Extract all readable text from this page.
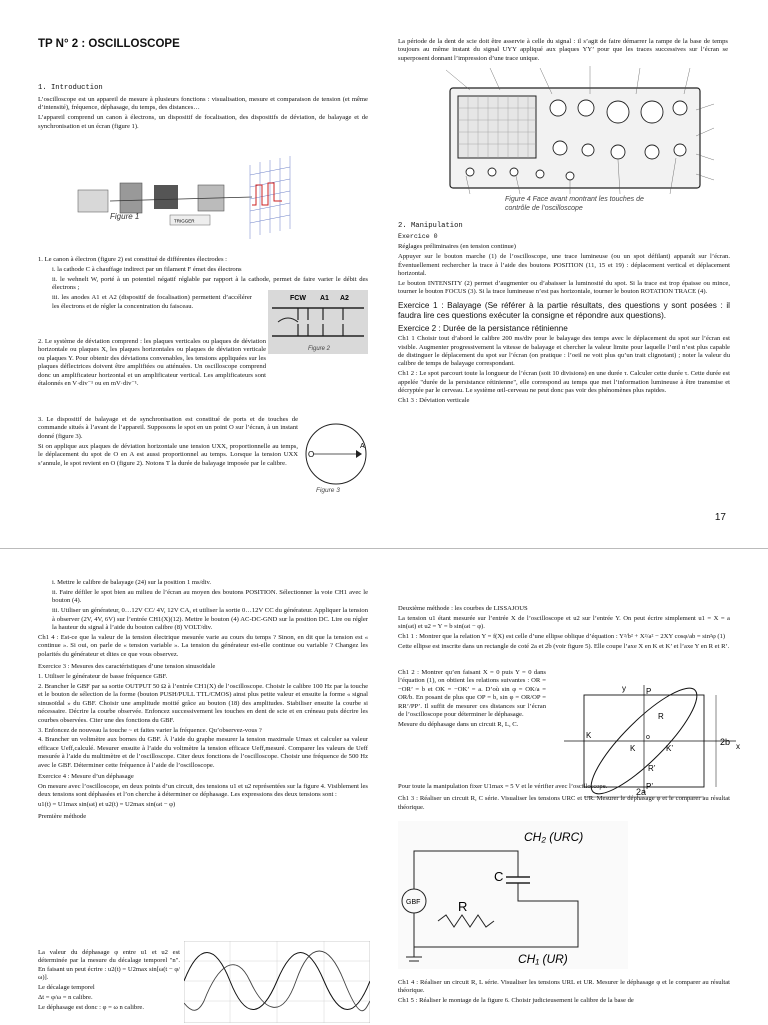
TP N° 2 : OSCILLOSCOPE

1. Introduction

L’oscilloscope est un appareil de mesure à plusieurs fonctions : visualisation, mesure et comparaison de tension (et même d’intensité), fréquence, déphasage, du temps, des distances…

L’appareil comprend un canon à électrons, un dispositif de focalisation, des dispositifs de déviation, de balayage et de synchronisation et un écran (figure 1).

TRIGGER
Figure 1

1. Le canon à électron (figure 2) est constitué de différentes électrodes :

i. la cathode C à chauffage indirect par un filament F émet des électrons

ii. le wehnelt W, porté à un potentiel négatif réglable par rapport à la cathode, permet de faire varier le débit des électrons ;

iii. les anodes A1 et A2 (dispositif de focalisation) permettent d’accélérer les électrons et de régler la concentration du faisceau.

FCW A1 A2
Figure 2

2. Le système de déviation comprend : les plaques verticales ou plaques de déviation horizontale ou plaques X, les plaques horizontales ou plaques de déviation verticale ou plaques Y. Pour obtenir des déviations convenables, les tensions appliquées sur les plaques déflectrices doivent être amplifiées ou atténuées. Un oscilloscope comprend donc un amplificateur horizontal et un amplificateur vertical. Les amplificateurs sont étalonnés en V·div⁻¹ ou en mV·div⁻¹.

3. Le dispositif de balayage et de synchronisation est constitué de ports et de touches de commande situés à l’avant de l’appareil. Supposons le spot en un point O sur l’écran, à un instant donné (figure 3).

Si on applique aux plaques de déviation horizontale une tension UXX, proportionnelle au temps, le déplacement du spot de O en A est aussi proportionnel au temps. Lorsque la tension UXX s’annule, le spot revient en O (figure 2). Notons T la durée de balayage imposée par le calibre.

O
A
Figure 3

La période de la dent de scie doit être asservie à celle du signal : il s’agit de faire démarrer la rampe de la base de temps toujours au même instant du signal UYY appliqué aux plaques YY’ pour que les traces successives sur l’écran se superposent donnant l’impression d’une trace unique.

Figure 4 Face avant montrant les touches de contrôle de l’oscilloscope

2. Manipulation

Exercice 0

Réglages préliminaires (en tension continue)

Appuyer sur le bouton marche (1) de l’oscilloscope, une trace lumineuse (ou un spot défilant) apparaît sur l’écran. Éventuellement rechercher la trace à l’aide des boutons POSITION (11, 15 et 19) : déplacement vertical et déplacement horizontal.

Le bouton INTENSITY (2) permet d’augmenter ou d’abaisser la luminosité du spot. Si la trace est trop épaisse ou mince, tourner le bouton FOCUS (3). Si la trace lumineuse n’est pas horizontale, tourner le bouton ROTATION TRACE (4).

Exercice 1 : Balayage (Se référer à la partie résultats, des questions y sont posées : il faudra lire ces questions exécuter la consigne et répondre aux questions).

Exercice 2 : Durée de la persistance rétinienne

Ch1 1 Choisir tout d’abord le calibre 200 ms/div pour le balayage des temps avec le déplacement du spot sur l’écran est visible. Augmenter progressivement la vitesse de balayage et chercher la valeur limite pour laquelle l’œil n’est plus capable de distinguer le déplacement du spot sur l’écran (on pratique : l’oeil ne voit plus qu’un trait clignotant) ; noter la valeur du calibre de temps de balayage correspondant.

Ch1 2 : Le spot parcourt toute la longueur de l’écran (soit 10 divisions) en une durée τ. Calculer cette durée τ. Cette durée est appelée "durée de la persistance rétinienne", elle correspond au temps que met l’information lumineuse à être transmise et décryptée par le cerveau. Le système œil-cerveau ne peut donc pas voir des phénomènes plus rapides.

Ch1 3 : Déviation verticale

17

i. Mettre le calibre de balayage (24) sur la position 1 ms/div.

ii. Faire défiler le spot bien au milieu de l’écran au moyen des boutons POSITION. Sélectionner la voie CH1 avec le bouton (4).

iii. Utiliser un générateur, 0…12V CC/ 4V, 12V CA, et utiliser la sortie 0…12V CC du générateur. Appliquer la tension à observer (2V, 4V, 6V) sur l’entrée CH1(X)(12). Mettre le bouton (4) AC-DC-GND sur la position DC. Lire ou régler la hauteur du signal à l’aide du bouton calibre (8) VOLT/div.

Ch1 4 : Est-ce que la valeur de la tension électrique mesurée varie au cours du temps ? Sinon, en dit que la tension est « continue ». Si oui, on parle de « tension variable ». La tension du générateur est-elle continue ou variable ? Changez les polarités du générateur et dites ce que vous observez.

Exercice 3 : Mesures des caractéristiques d’une tension sinusoïdale

1. Utiliser le générateur de basse fréquence GBF.

2. Brancher le GBF par sa sortie OUTPUT 50 Ω à l’entrée CH1(X) de l’oscilloscope. Choisir le calibre 100 Hz par la touche et le bouton de sélection de la forme (bouton PUSH/PULL TTL/CMOS) ainsi plus petite valeur et ensuite la forme « signal sinusoïdal » du GBF. Choisir une amplitude moitié grâce au bouton (18) des amplitudes. Stabiliser ensuite la courbe si nécessaire. Décrire la courbe observée. Enfoncez successivement les touches en dent de scie et en créneau puis décrire les courbes observées. Citer une des fonctions du GBF.

3. Enfoncez de nouveau la touche ~ et faites varier la fréquence. Qu’observez-vous ?

4. Brancher un voltmètre aux bornes du GBF. À l’aide du graphe mesurer la tension maximale Umax et calculer sa valeur efficace Ueff,calculé. Mesurer ensuite à l’aide du voltmètre la tension efficace Ueff,mesuré. Comparer les valeurs de Ueff mesurée à l’aide du multimètre et de l’oscilloscope. Citer deux fonctions de l’oscilloscope. Choisir une fréquence de 500 Hz avec le GBF. Déterminer cette fréquence à l’aide de l’oscilloscope.

Exercice 4 : Mesure d’un déphasage

On mesure avec l’oscilloscope, en deux points d’un circuit, des tensions u1 et u2 représentées sur la figure 4. Visiblement les deux tensions sont déphasées et l’on cherche à déterminer ce déphasage. Les expressions des deux tensions sont :

u1(t) = U1max sin(ωt) et u2(t) = U2max sin(ωt − φ)

Première méthode

La valeur du déphasage φ entre u1 et u2 est déterminée par la mesure du décalage temporel "n". En faisant un peut écrire : u2(t) = U2max sin[ω(t − φ/ω)].

Le décalage temporel

Δt = φ/ω = n calibre.

Le déphasage est donc : φ = ω n calibre.

Deuxième méthode : les courbes de LISSAJOUS

La tension u1 étant mesurée sur l’entrée X de l’oscilloscope et u2 sur l’entrée Y. On peut écrire simplement u1 = X = a sin(ωt) et u2 = Y = b sin(ωt − φ).

Ch1 1 : Montrer que la relation Y = f(X) est celle d’une ellipse oblique d’équation : Y²/b² + X²/a² − 2XY cosφ/ab = sin²φ (1)

Cette ellipse est inscrite dans un rectangle de coté 2a et 2b (voir figure 5). Elle coupe l’axe X en K et K’ et l’axe Y en R et R’.

Ch1 2 : Montrer qu’en faisant X = 0 puis Y = 0 dans l’équation (1), on obtient les relations suivantes : OR = −OR’ = b et OK = −OK’ = a. D’où sin φ = OK/a = OR/b. En posant de plus que OP = b, sin φ = OR/OP = RR’/PP’. Il suffit de mesurer ces distances sur l’écran de l’oscilloscope pour déterminer le déphasage.

Mesure du déphasage dans un circuit R, L, C.

y
x
P
P’
R
R’
K
K’
K
o	2b
2a

Pour toute la manipulation fixer U1max = 5 V et le vérifier avec l’oscilloscope.

Ch1 3 : Réaliser un circuit R, C série. Visualiser les tensions URC et UR. Mesurer le déphasage φ et le comparer au résultat théorique.

GBF
C
R
CH₂ (URC)
CH₁ (UR)

Ch1 4 : Réaliser un circuit R, L série. Visualiser les tensions URL et UR. Mesurer le déphasage φ et le comparer au résultat théorique.

Ch1 5 : Réaliser le montage de la figure 6. Choisir judicieusement le calibre de la base de
